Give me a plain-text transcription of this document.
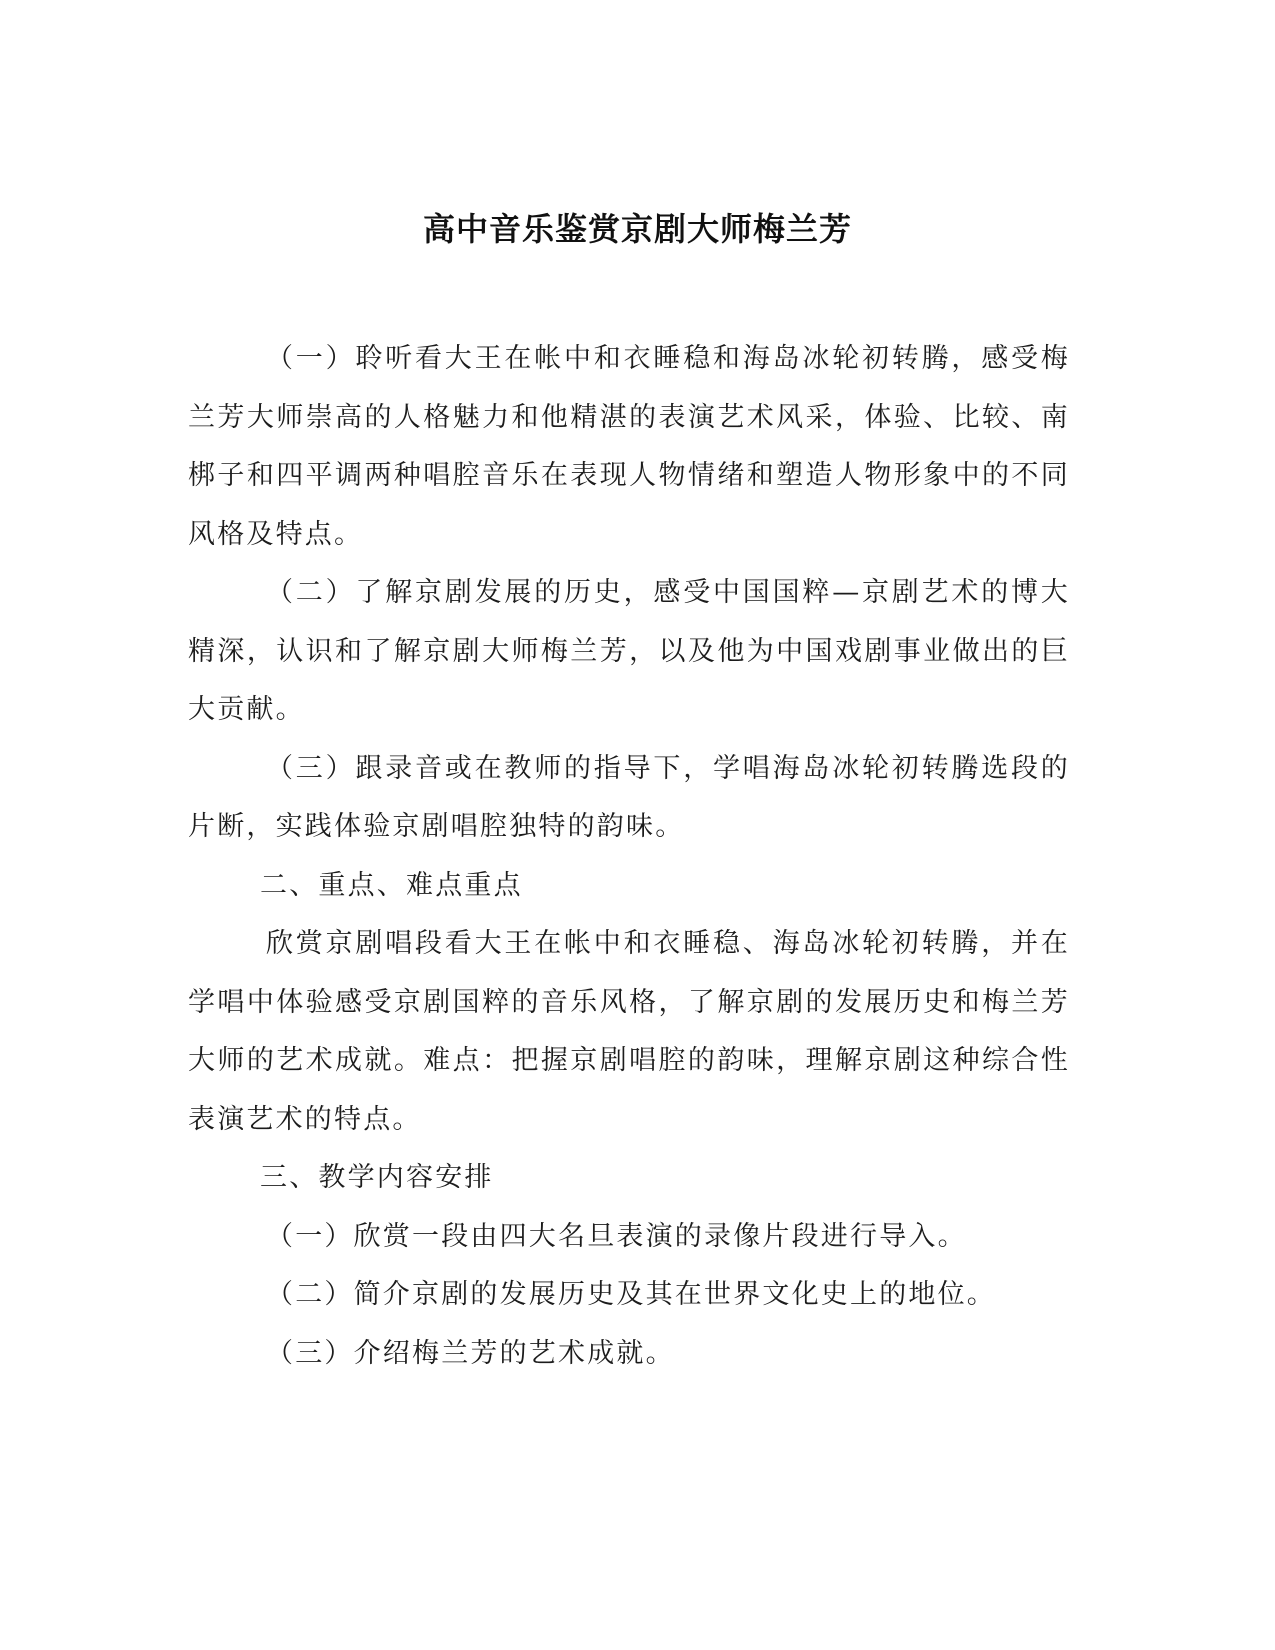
高中音乐鉴赏京剧大师梅兰芳

（一）聆听看大王在帐中和衣睡稳和海岛冰轮初转腾，感受梅兰芳大师崇高的人格魅力和他精湛的表演艺术风采，体验、比较、南梆子和四平调两种唱腔音乐在表现人物情绪和塑造人物形象中的不同风格及特点。

（二）了解京剧发展的历史，感受中国国粹—京剧艺术的博大精深，认识和了解京剧大师梅兰芳，以及他为中国戏剧事业做出的巨大贡献。

（三）跟录音或在教师的指导下，学唱海岛冰轮初转腾选段的片断，实践体验京剧唱腔独特的韵味。

二、重点、难点重点

欣赏京剧唱段看大王在帐中和衣睡稳、海岛冰轮初转腾，并在学唱中体验感受京剧国粹的音乐风格，了解京剧的发展历史和梅兰芳大师的艺术成就。难点：把握京剧唱腔的韵味，理解京剧这种综合性表演艺术的特点。

三、教学内容安排

（一）欣赏一段由四大名旦表演的录像片段进行导入。

（二）简介京剧的发展历史及其在世界文化史上的地位。

（三）介绍梅兰芳的艺术成就。
